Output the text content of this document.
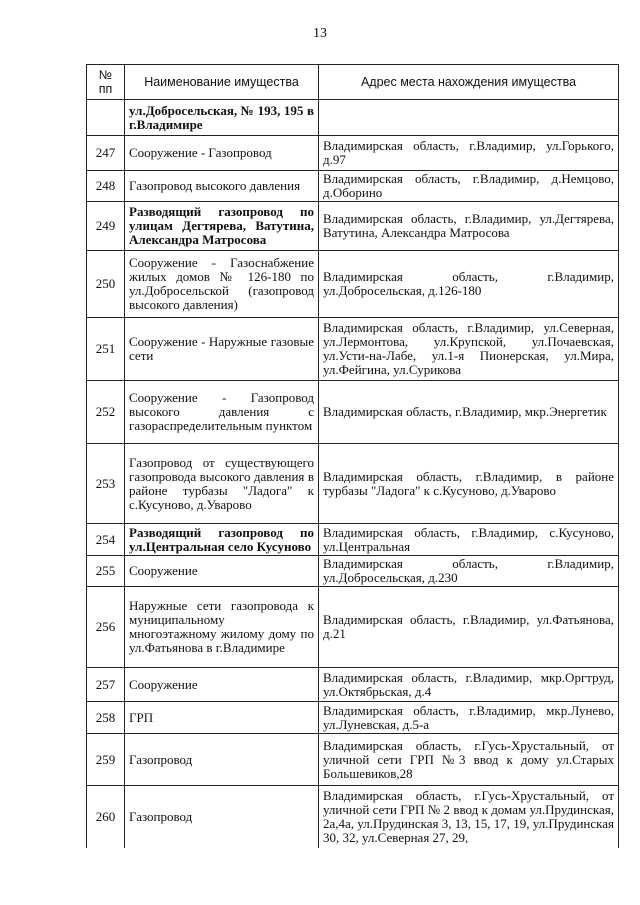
13
№ пп	Наименование имущества	Адрес места нахождения имущества
	ул.Добросельская, № 193, 195 в г.Владимире	
247	Сооружение - Газопровод	Владимирская область, г.Владимир, ул.Горького, д.97
248	Газопровод высокого давления	Владимирская область, г.Владимир, д.Немцово, д.Оборино
249	Разводящий газопровод по улицам Дегтярева, Ватутина, Александра Матросова	Владимирская область, г.Владимир, ул.Дегтярева, Ватутина, Александра Матросова
250	Сооружение - Газоснабжение жилых домов № 126-180 по ул.Добросельской (газопровод высокого давления)	Владимирская область, г.Владимир, ул.Добросельская, д.126-180
251	Сооружение - Наружные газовые сети	Владимирская область, г.Владимир, ул.Северная, ул.Лермонтова, ул.Крупской, ул.Почаевская, ул.Усти-на-Лабе, ул.1-я Пионерская, ул.Мира, ул.Фейгина, ул.Сурикова
252	Сооружение - Газопровод высокого давления с газораспределительным пунктом	Владимирская область, г.Владимир, мкр.Энергетик
253	Газопровод от существующего газопровода высокого давления в районе турбазы "Ладога" к с.Кусуново, д.Уварово	Владимирская область, г.Владимир, в районе турбазы "Ладога" к с.Кусуново, д.Уварово
254	Разводящий газопровод по ул.Центральная село Кусуново	Владимирская область, г.Владимир, с.Кусуново, ул.Центральная
255	Сооружение	Владимирская область, г.Владимир, ул.Добросельская, д.230
256	Наружные сети газопровода к муниципальному многоэтажному жилому дому по ул.Фатьянова в г.Владимире	Владимирская область, г.Владимир, ул.Фатьянова, д.21
257	Сооружение	Владимирская область, г.Владимир, мкр.Оргтруд, ул.Октябрьская, д.4
258	ГРП	Владимирская область, г.Владимир, мкр.Лунево, ул.Луневская, д.5-а
259	Газопровод	Владимирская область, г.Гусь-Хрустальный, от уличной сети ГРП №3 ввод к дому ул.Старых Большевиков,28
260	Газопровод	Владимирская область, г.Гусь-Хрустальный, от уличной сети ГРП № 2 ввод к домам ул.Прудинская, 2а,4а, ул.Прудинская 3, 13, 15, 17, 19, ул.Прудинская 30, 32, ул.Северная 27, 29,
